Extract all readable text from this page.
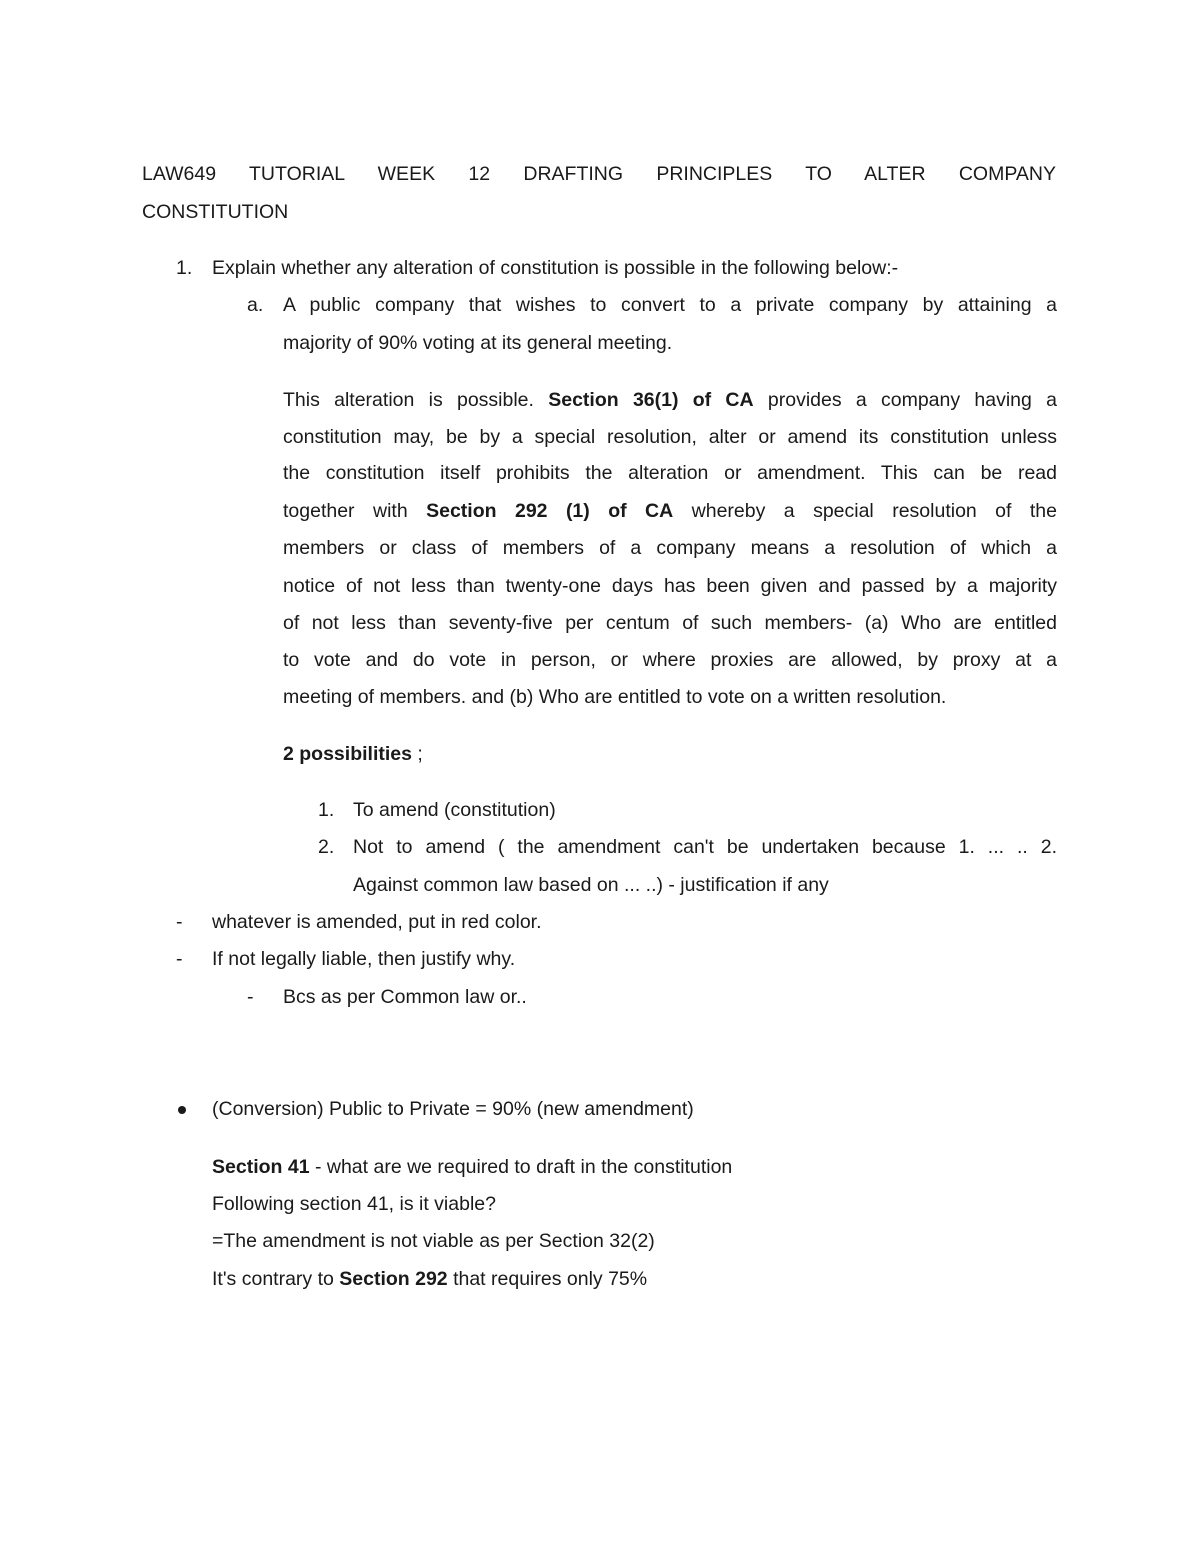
LAW649 TUTORIAL WEEK 12 DRAFTING PRINCIPLES TO ALTER COMPANY
CONSTITUTION
1. Explain whether any alteration of constitution is possible in the following below:-
a. A public company that wishes to convert to a private company by attaining a
majority of 90% voting at its general meeting.
This alteration is possible. Section 36(1) of CA provides a company having a
constitution may, be by a special resolution, alter or amend its constitution unless
the constitution itself prohibits the alteration or amendment. This can be read
together with Section 292 (1) of CA whereby a special resolution of the
members or class of members of a company means a resolution of which a
notice of not less than twenty-one days has been given and passed by a majority
of not less than seventy-five per centum of such members- (a) Who are entitled
to vote and do vote in person, or where proxies are allowed, by proxy at a
meeting of members. and (b) Who are entitled to vote on a written resolution.
2 possibilities ;
1. To amend (constitution)
2. Not to amend ( the amendment can't be undertaken because 1. ... .. 2.
Against common law based on ... ..) - justification if any
- whatever is amended, put in red color.
- If not legally liable, then justify why.
- Bcs as per Common law or..
(Conversion) Public to Private = 90% (new amendment)
Section 41 - what are we required to draft in the constitution
Following section 41, is it viable?
=The amendment is not viable as per Section 32(2)
It's contrary to Section 292 that requires only 75%
